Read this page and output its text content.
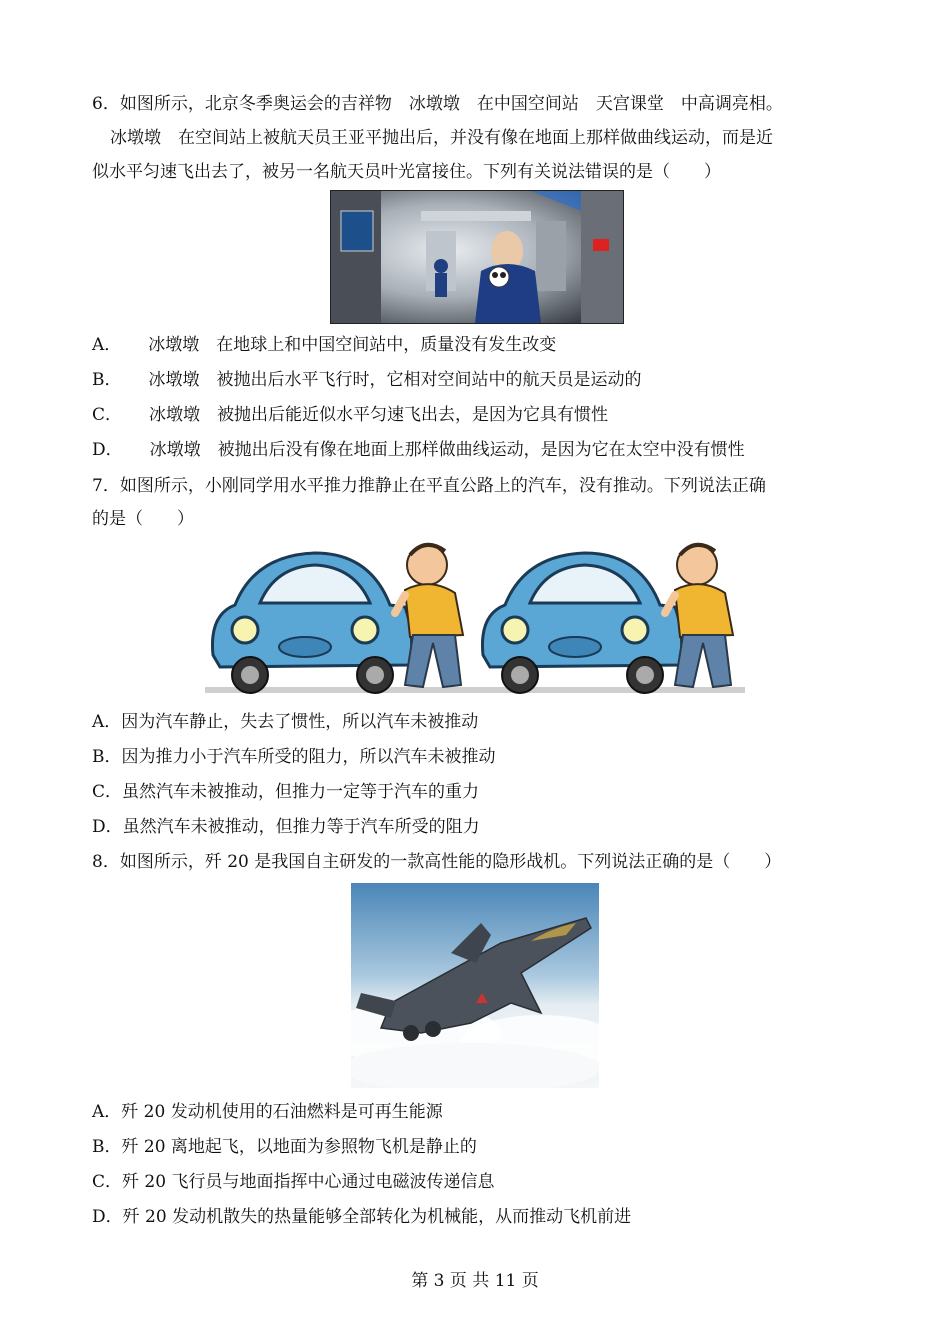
6．如图所示，北京冬季奥运会的吉祥物 冰墩墩 在中国空间站 天宫课堂 中高调亮相。
冰墩墩 在空间站上被航天员王亚平抛出后，并没有像在地面上那样做曲线运动，而是近
似水平匀速飞出去了，被另一名航天员叶光富接住。下列有关说法错误的是（　　）
A． 冰墩墩 在地球上和中国空间站中，质量没有发生改变
B． 冰墩墩 被抛出后水平飞行时，它相对空间站中的航天员是运动的
C． 冰墩墩 被抛出后能近似水平匀速飞出去，是因为它具有惯性
D． 冰墩墩 被抛出后没有像在地面上那样做曲线运动，是因为它在太空中没有惯性
7．如图所示，小刚同学用水平推力推静止在平直公路上的汽车，没有推动。下列说法正确
的是（　　）
A．因为汽车静止，失去了惯性，所以汽车未被推动
B．因为推力小于汽车所受的阻力，所以汽车未被推动
C．虽然汽车未被推动，但推力一定等于汽车的重力
D．虽然汽车未被推动，但推力等于汽车所受的阻力
8．如图所示，歼 20 是我国自主研发的一款高性能的隐形战机。下列说法正确的是（　　）
A．歼 20 发动机使用的石油燃料是可再生能源
B．歼 20 离地起飞，以地面为参照物飞机是静止的
C．歼 20 飞行员与地面指挥中心通过电磁波传递信息
D．歼 20 发动机散失的热量能够全部转化为机械能，从而推动飞机前进
第 3 页 共 11 页
